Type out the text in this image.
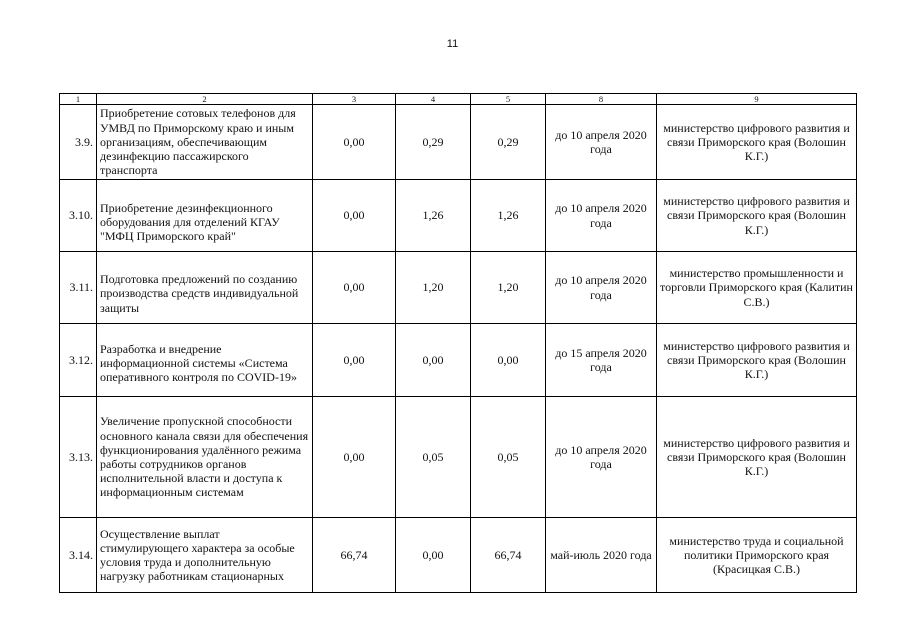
11
1	2	3	4	5	8	9
3.9.	Приобретение сотовых телефонов для УМВД по Приморскому краю и иным организациям, обеспечивающим дезинфекцию пассажирского транспорта	0,00	0,29	0,29	до 10 апреля 2020 года	министерство цифрового развития и связи Приморского края (Волошин К.Г.)
3.10.	Приобретение дезинфекционного оборудования для отделений КГАУ "МФЦ Приморского край"	0,00	1,26	1,26	до 10 апреля 2020 года	министерство цифрового развития и связи Приморского края (Волошин К.Г.)
3.11.	Подготовка предложений по созданию производства средств индивидуальной защиты	0,00	1,20	1,20	до 10 апреля 2020 года	министерство промышленности и торговли Приморского края (Калитин С.В.)
3.12.	Разработка и внедрение информационной системы «Система оперативного контроля по COVID-19»	0,00	0,00	0,00	до 15 апреля 2020 года	министерство цифрового развития и связи Приморского края (Волошин К.Г.)
3.13.	Увеличение пропускной способности основного канала связи для обеспечения функционирования удалённого режима работы сотрудников органов исполнительной власти и доступа к информационным системам	0,00	0,05	0,05	до 10 апреля 2020 года	министерство цифрового развития и связи Приморского края (Волошин К.Г.)
3.14.	Осуществление выплат стимулирующего характера за особые условия труда и дополнительную нагрузку работникам стационарных	66,74	0,00	66,74	май-июль 2020 года	министерство труда и социальной политики Приморского края (Красицкая С.В.)
